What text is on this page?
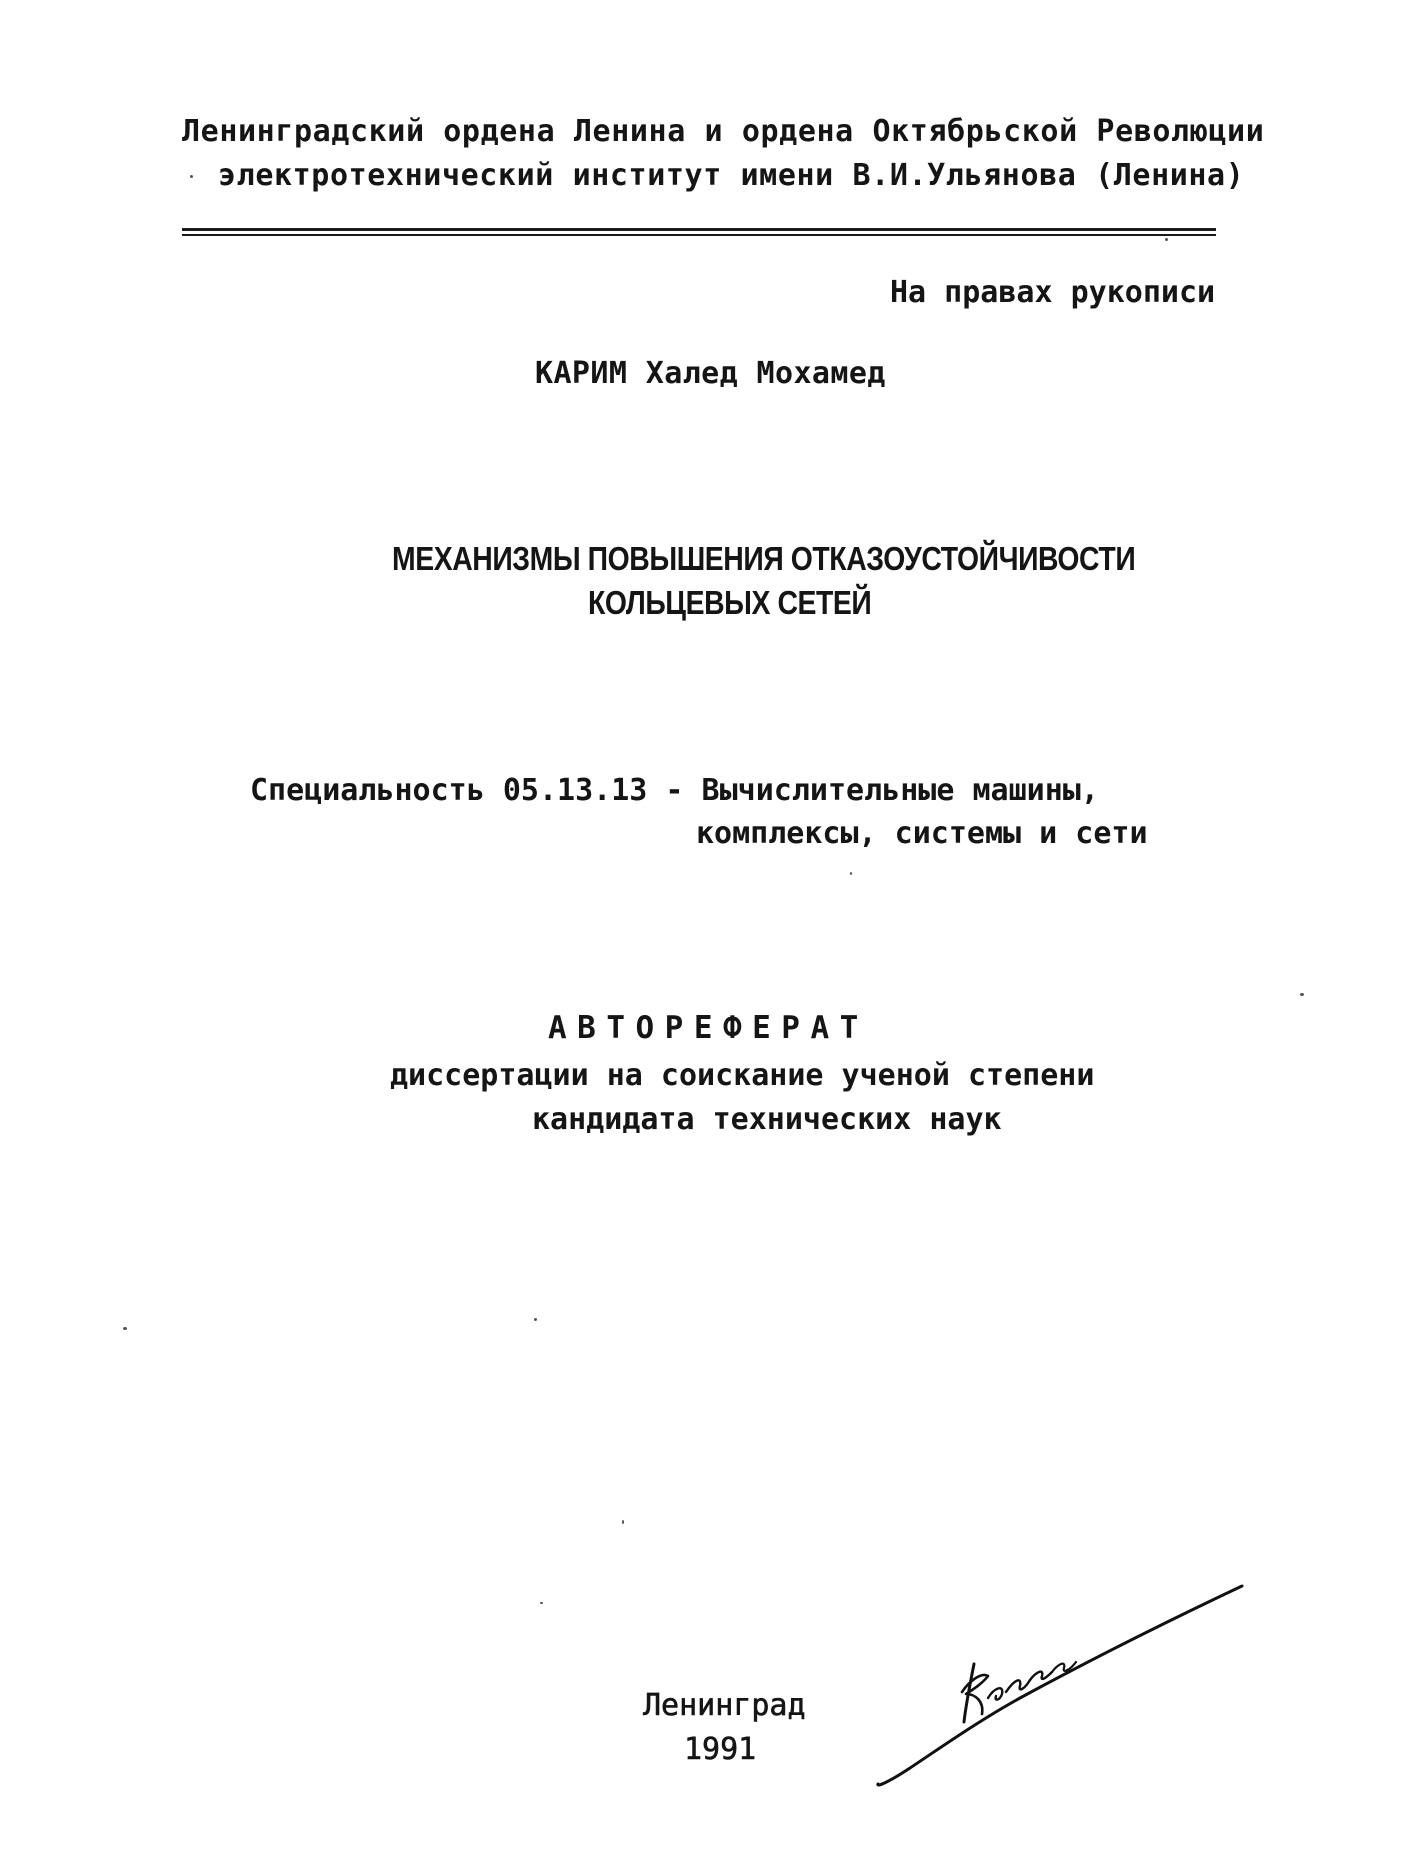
Ленинградский ордена Ленина и ордена Октябрьской Революции
электротехнический институт имени В.И.Ульянова (Ленина)
На правах рукописи
КАРИМ Халед Мохамед
МЕХАНИЗМЫ ПОВЫШЕНИЯ ОТКАЗОУСТОЙЧИВОСТИ
КОЛЬЦЕВЫХ СЕТЕЙ
Специальность 05.13.13 - Вычислительные машины,
комплексы, системы и сети
АВТОРЕФЕРАТ
диссертации на соискание ученой степени
кандидата технических наук
Ленинград
1991
